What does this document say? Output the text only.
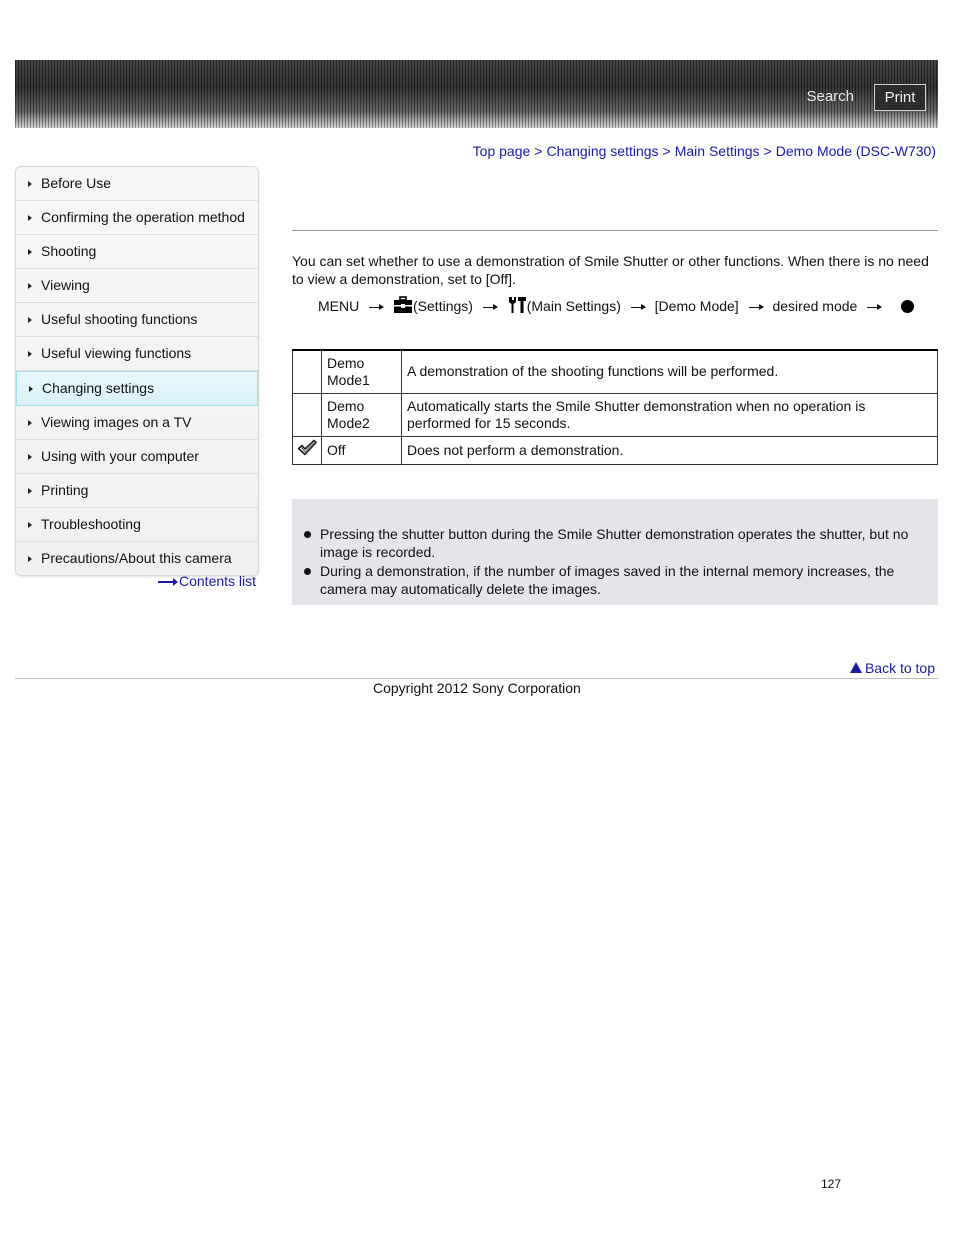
Search	Print
Top page > Changing settings > Main Settings > Demo Mode (DSC-W730)
Before Use
Confirming the operation method
Shooting
Viewing
Useful shooting functions
Useful viewing functions
Changing settings
Viewing images on a TV
Using with your computer
Printing
Troubleshooting
Precautions/About this camera
Contents list
You can set whether to use a demonstration of Smile Shutter or other functions. When there is no need to view a demonstration, set to [Off].
MENU	(Settings)	(Main Settings) [Demo Mode] desired mode
	Demo Mode1	A demonstration of the shooting functions will be performed.
	Demo Mode2	Automatically starts the Smile Shutter demonstration when no operation is performed for 15 seconds.
	Off	Does not perform a demonstration.
Pressing the shutter button during the Smile Shutter demonstration operates the shutter, but no image is recorded.
During a demonstration, if the number of images saved in the internal memory increases, the camera may automatically delete the images.
Back to top
Copyright 2012 Sony Corporation
127
